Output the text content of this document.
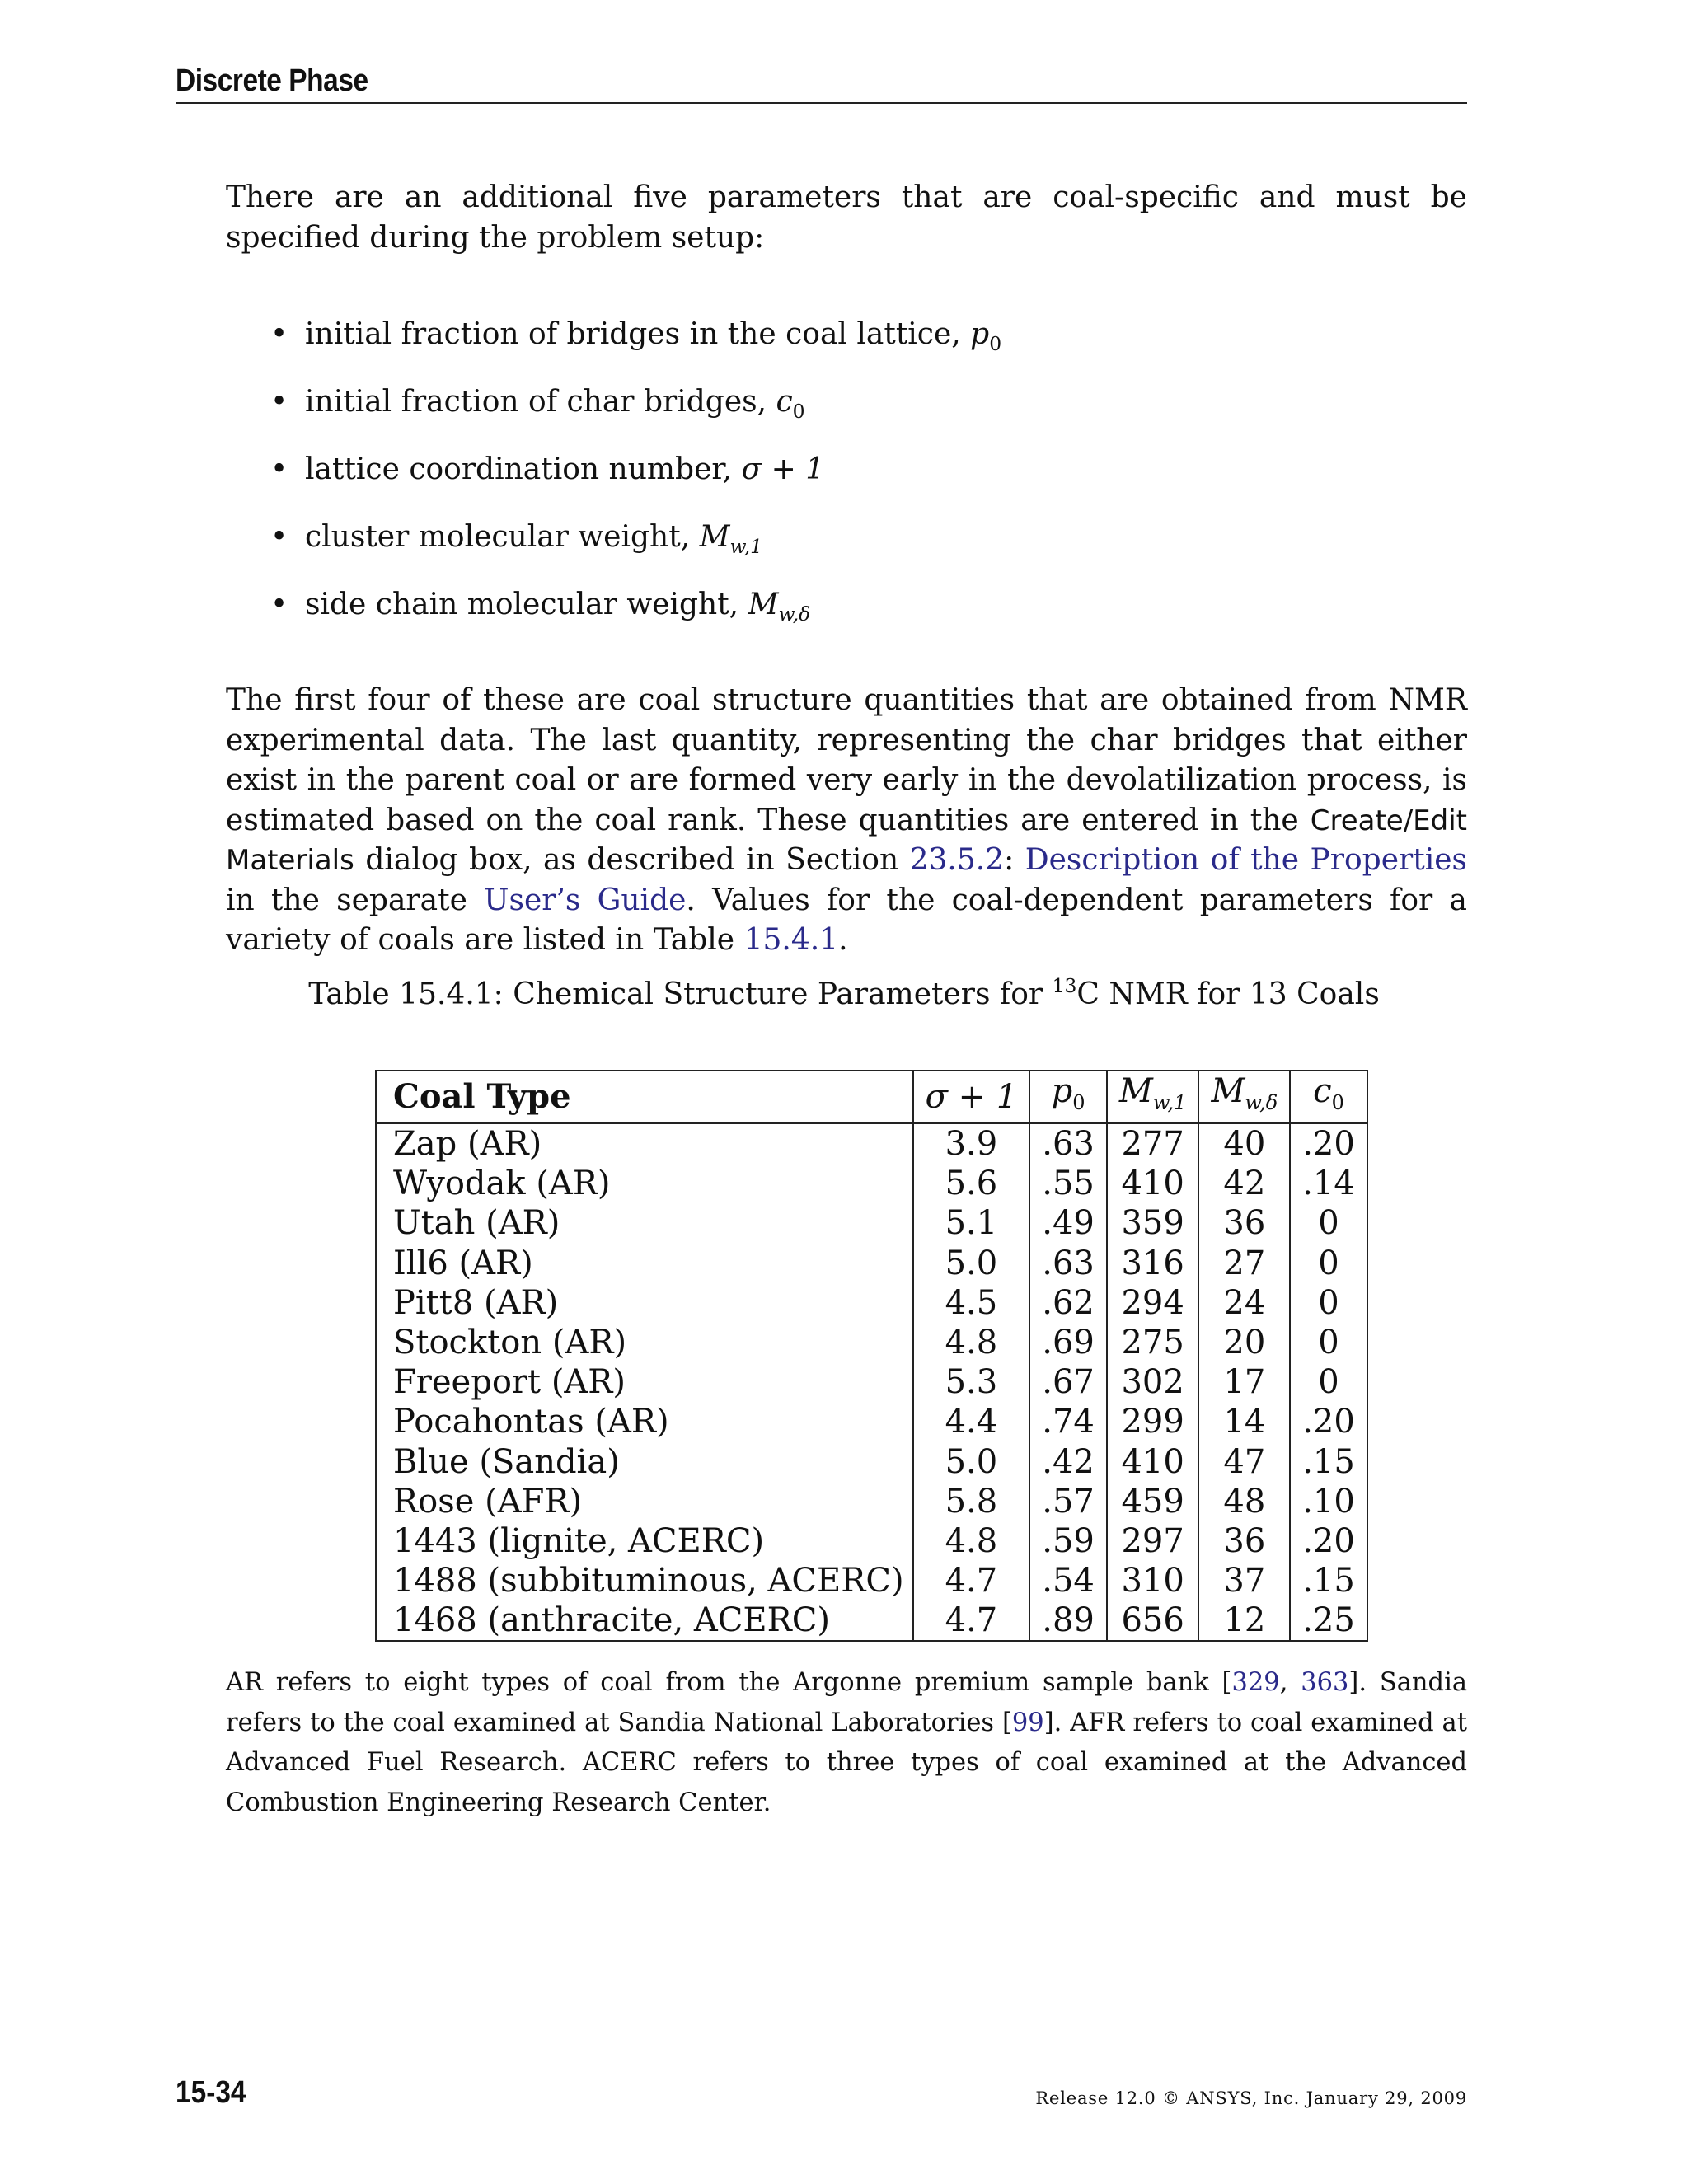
Discrete Phase

There are an additional five parameters that are coal-specific and must be specified during the problem setup:

• initial fraction of bridges in the coal lattice, $p_0$
• initial fraction of char bridges, $c_0$
• lattice coordination number, σ + 1
• cluster molecular weight, $M_{w,1}$
• side chain molecular weight, $M_{w,\delta}$

The first four of these are coal structure quantities that are obtained from NMR experimental data. The last quantity, representing the char bridges that either exist in the parent coal or are formed very early in the devolatilization process, is estimated based on the coal rank. These quantities are entered in the Create/Edit Materials dialog box, as described in Section 23.5.2: Description of the Properties in the separate User’s Guide. Values for the coal-dependent parameters for a variety of coals are listed in Table 15.4.1.

Table 15.4.1: Chemical Structure Parameters for $^{13}$C NMR for 13 Coals
Coal Type	σ + 1	$p_0$	$M_{w,1}$	$M_{w,\delta}$	$c_0$
Zap (AR)	3.9	.63	277	40	.20
Wyodak (AR)	5.6	.55	410	42	.14
Utah (AR)	5.1	.49	359	36	0
Ill6 (AR)	5.0	.63	316	27	0
Pitt8 (AR)	4.5	.62	294	24	0
Stockton (AR)	4.8	.69	275	20	0
Freeport (AR)	5.3	.67	302	17	0
Pocahontas (AR)	4.4	.74	299	14	.20
Blue (Sandia)	5.0	.42	410	47	.15
Rose (AFR)	5.8	.57	459	48	.10
1443 (lignite, ACERC)	4.8	.59	297	36	.20
1488 (subbituminous, ACERC)	4.7	.54	310	37	.15
1468 (anthracite, ACERC)	4.7	.89	656	12	.25

AR refers to eight types of coal from the Argonne premium sample bank [329, 363]. Sandia refers to the coal examined at Sandia National Laboratories [99]. AFR refers to coal examined at Advanced Fuel Research. ACERC refers to three types of coal examined at the Advanced Combustion Engineering Research Center.

15-34	Release 12.0 © ANSYS, Inc. January 29, 2009
